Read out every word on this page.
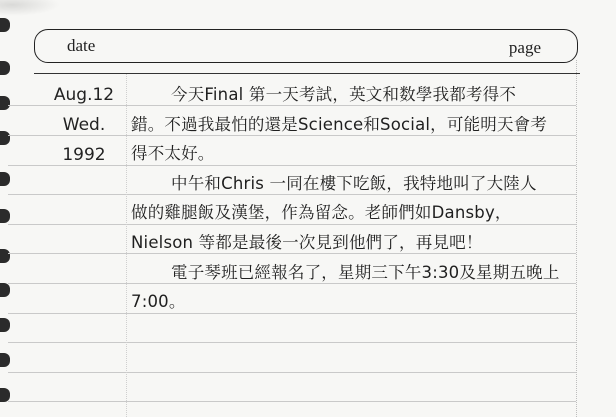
date	page
Aug.12
Wed.
1992
今天Final 第一天考試，英文和数學我都考得不
錯。不過我最怕的還是Science和Social，可能明天會考
得不太好。
中午和Chris 一同在樓下吃飯，我特地叫了大陸人
做的雞腿飯及漢堡，作為留念。老師們如Dansby，
Nielson 等都是最後一次見到他們了，再見吧！
電子琴班已經報名了，星期三下午3:30及星期五晚上
7:00。
